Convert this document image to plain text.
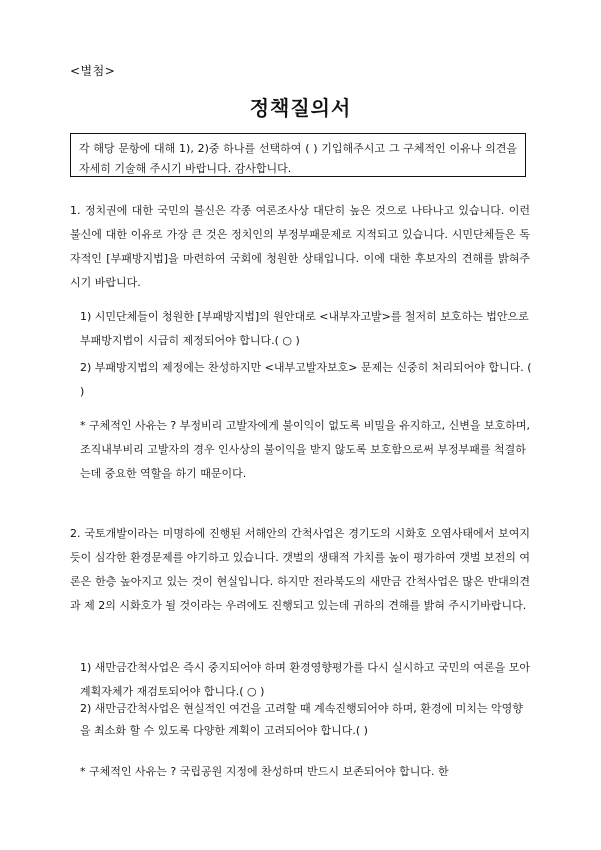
<별첨>
정책질의서
각 해당 문항에 대해 1), 2)중 하나를 선택하여 ( ) 기입해주시고 그 구체적인 이유나 의견을 자세히 기술해 주시기 바랍니다. 감사합니다.
1. 정치권에 대한 국민의 불신은 각종 여론조사상 대단히 높은 것으로 나타나고 있습니다. 이런 불신에 대한 이유로 가장 큰 것은 정치인의 부정부패문제로 지적되고 있습니다. 시민단체들은 독자적인 [부패방지법]을 마련하여 국회에 청원한 상태입니다. 이에 대한 후보자의 견해를 밝혀주시기 바랍니다.
1) 시민단체들이 청원한 [부패방지법]의 원안대로 <내부자고발>를 철저히 보호하는 법안으로 부패방지법이 시급히 제정되어야 합니다.( ○ )
2) 부패방지법의 제정에는 찬성하지만 <내부고발자보호> 문제는 신중히 처리되어야 합니다. ( )
* 구체적인 사유는 ? 부정비리 고발자에게 불이익이 없도록 비밀을 유지하고, 신변을 보호하며, 조직내부비리 고발자의 경우 인사상의 불이익을 받지 않도록 보호함으로써 부정부패를 척결하는데 중요한 역할을 하기 때문이다.
2. 국토개발이라는 미명하에 진행된 서해안의 간척사업은 경기도의 시화호 오염사태에서 보여지듯이 심각한 환경문제를 야기하고 있습니다. 갯벌의 생태적 가치를 높이 평가하여 갯벌 보전의 여론은 한층 높아지고 있는 것이 현실입니다. 하지만 전라북도의 새만금 간척사업은 많은 반대의견과 제 2의 시화호가 될 것이라는 우려에도 진행되고 있는데 귀하의 견해를 밝혀 주시기바랍니다.
1) 새만금간척사업은 즉시 중지되어야 하며 환경영향평가를 다시 실시하고 국민의 여론을 모아 계획자체가 재검토되어야 합니다.( ○ )
2) 새만금간척사업은 현실적인 여건을 고려할 때 계속진행되어야 하며, 환경에 미치는 악영향을 최소화 할 수 있도록 다양한 계획이 고려되어야 합니다.( )
* 구체적인 사유는 ? 국립공원 지정에 찬성하며 반드시 보존되어야 합니다. 한
